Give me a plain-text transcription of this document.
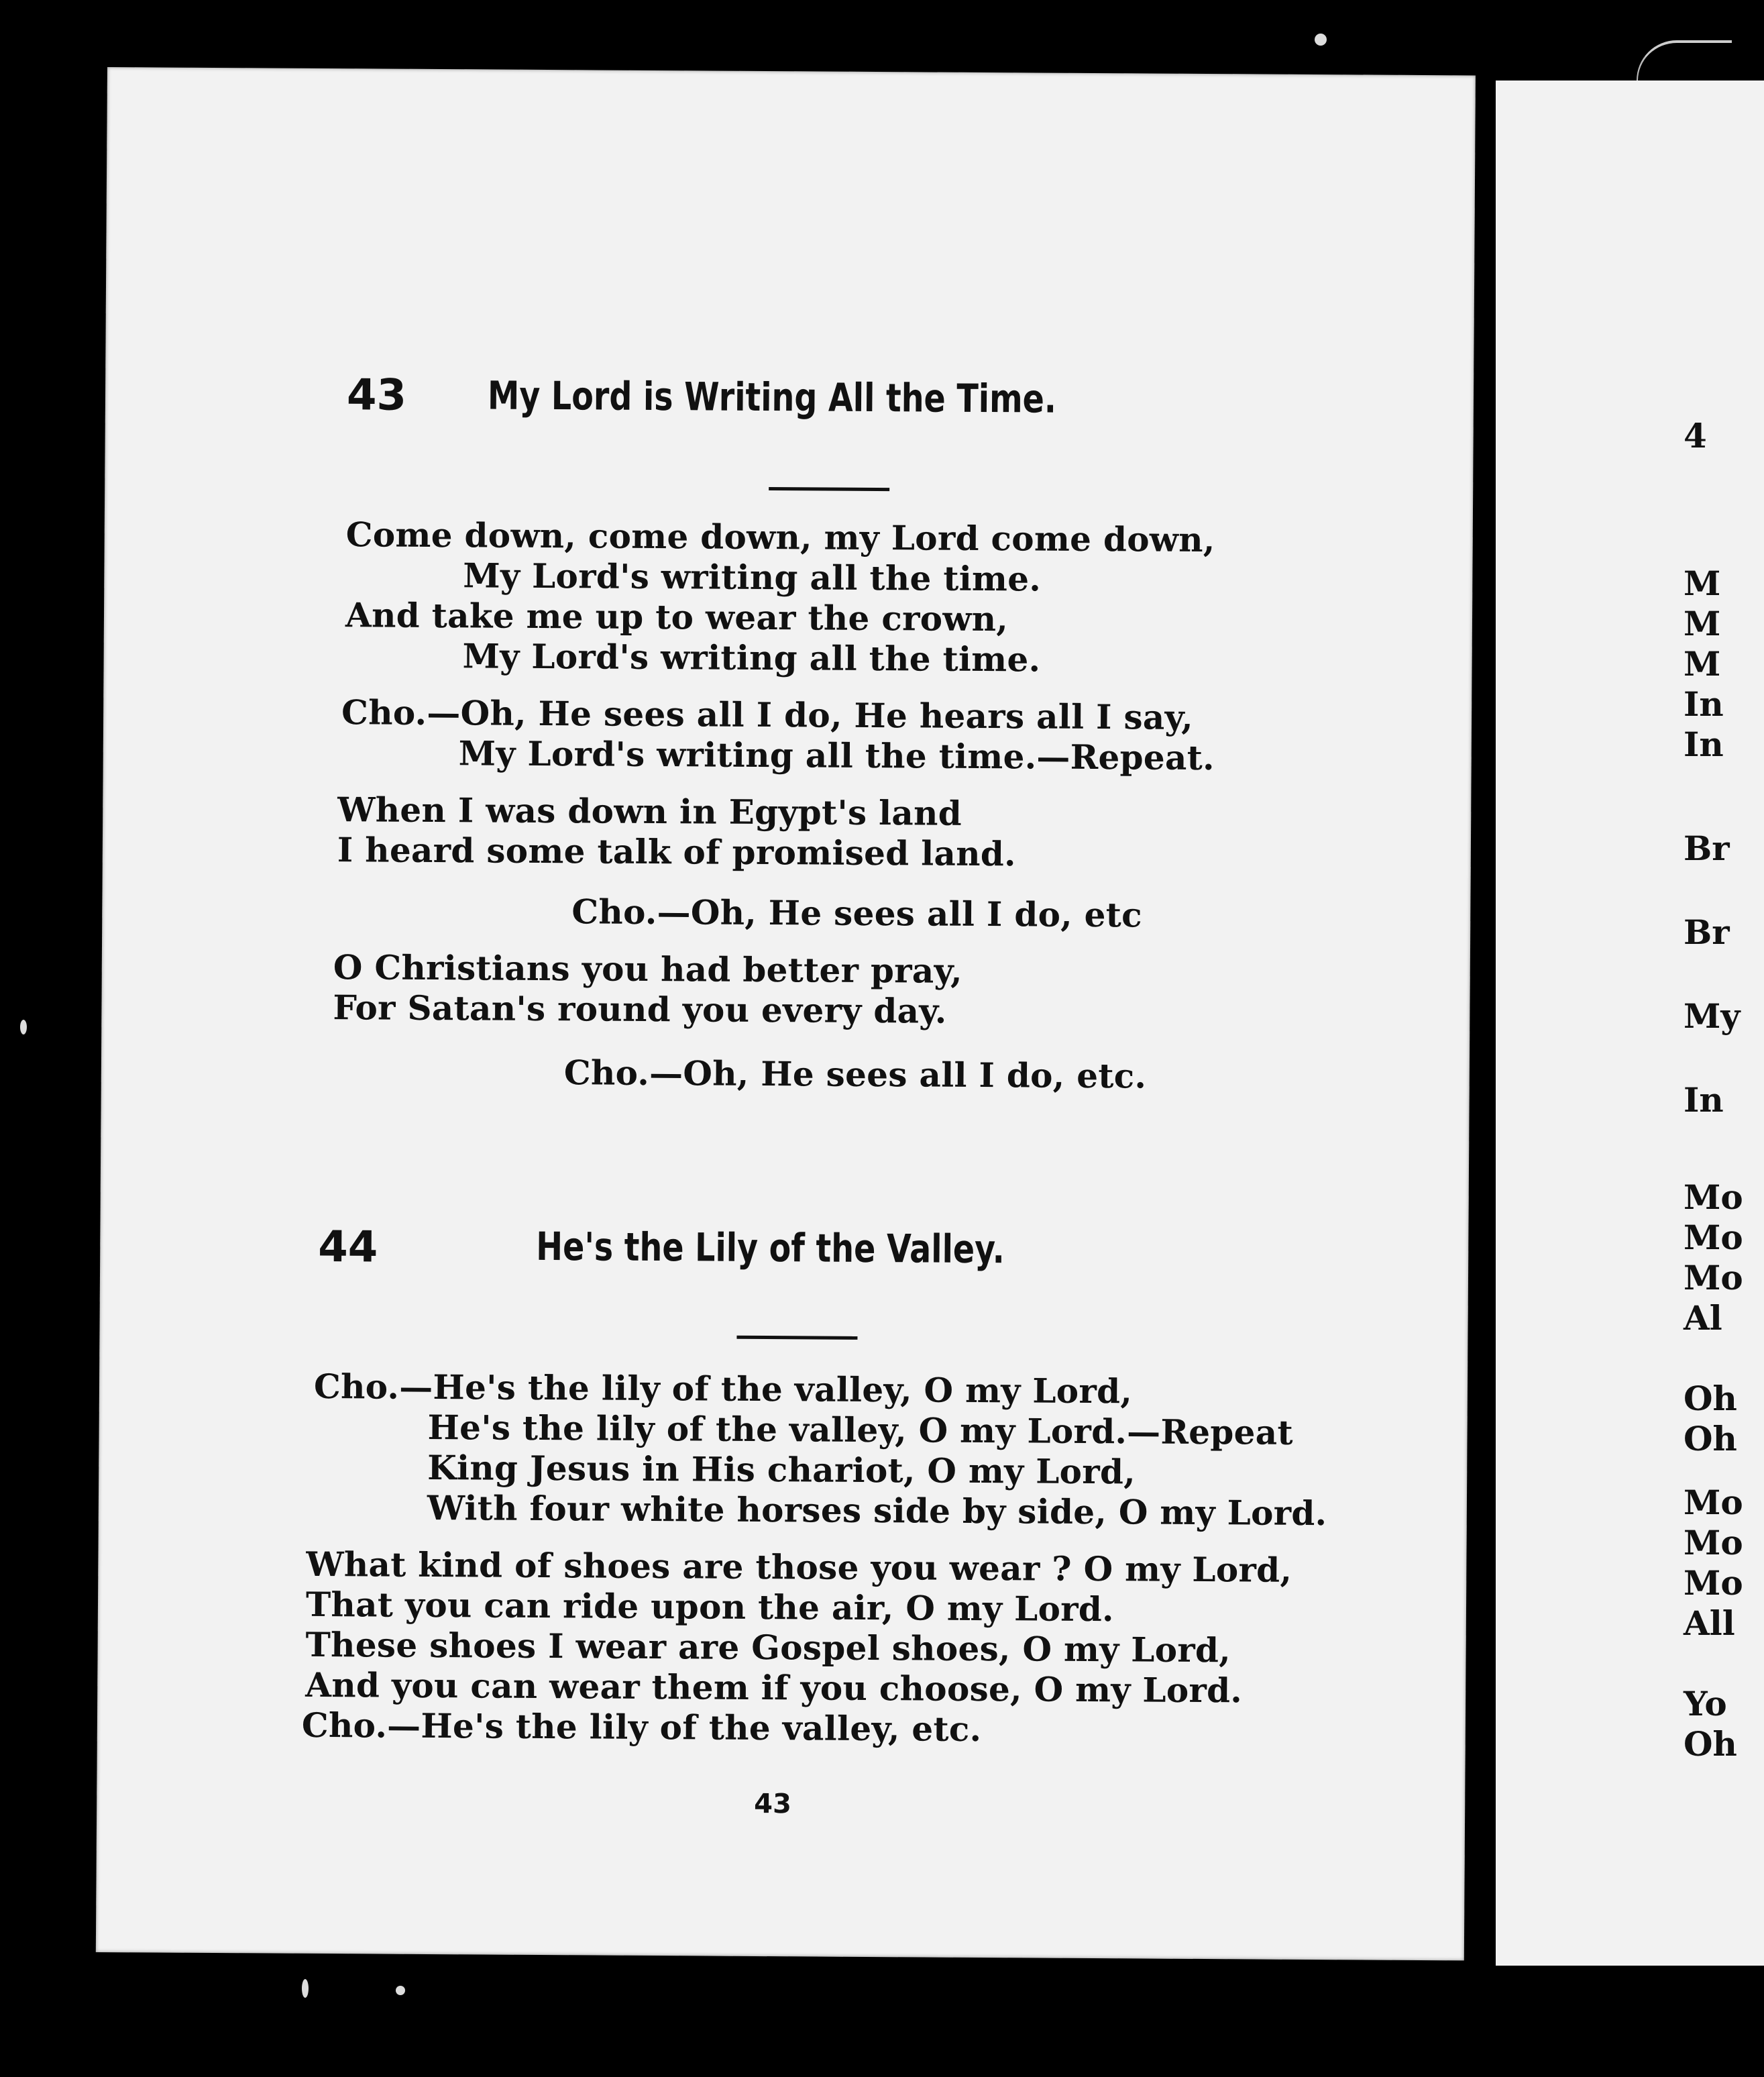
43 My Lord is Writing All the Time.
Come down, come down, my Lord come down,
My Lord's writing all the time.
And take me up to wear the crown,
My Lord's writing all the time.
Cho.—Oh, He sees all I do, He hears all I say,
My Lord's writing all the time.—Repeat.
When I was down in Egypt's land
I heard some talk of promised land.
Cho.—Oh, He sees all I do, etc
O Christians you had better pray,
For Satan's round you every day.
Cho.—Oh, He sees all I do, etc.
44	He's the Lily of the Valley.
Cho.—He's the lily of the valley, O my Lord,
He's the lily of the valley, O my Lord.—Repeat
King Jesus in His chariot, O my Lord,
With four white horses side by side, O my Lord.
What kind of shoes are those you wear ? O my Lord,
That you can ride upon the air, O my Lord.
These shoes I wear are Gospel shoes, O my Lord,
And you can wear them if you choose, O my Lord.
Cho.—He's the lily of the valley, etc.
43
4
M
M
M
In
In
Br
Br
My
In
Mo
Mo
Mo
Al
Oh
Oh
Mo
Mo
Mo
All
Yo
Oh
